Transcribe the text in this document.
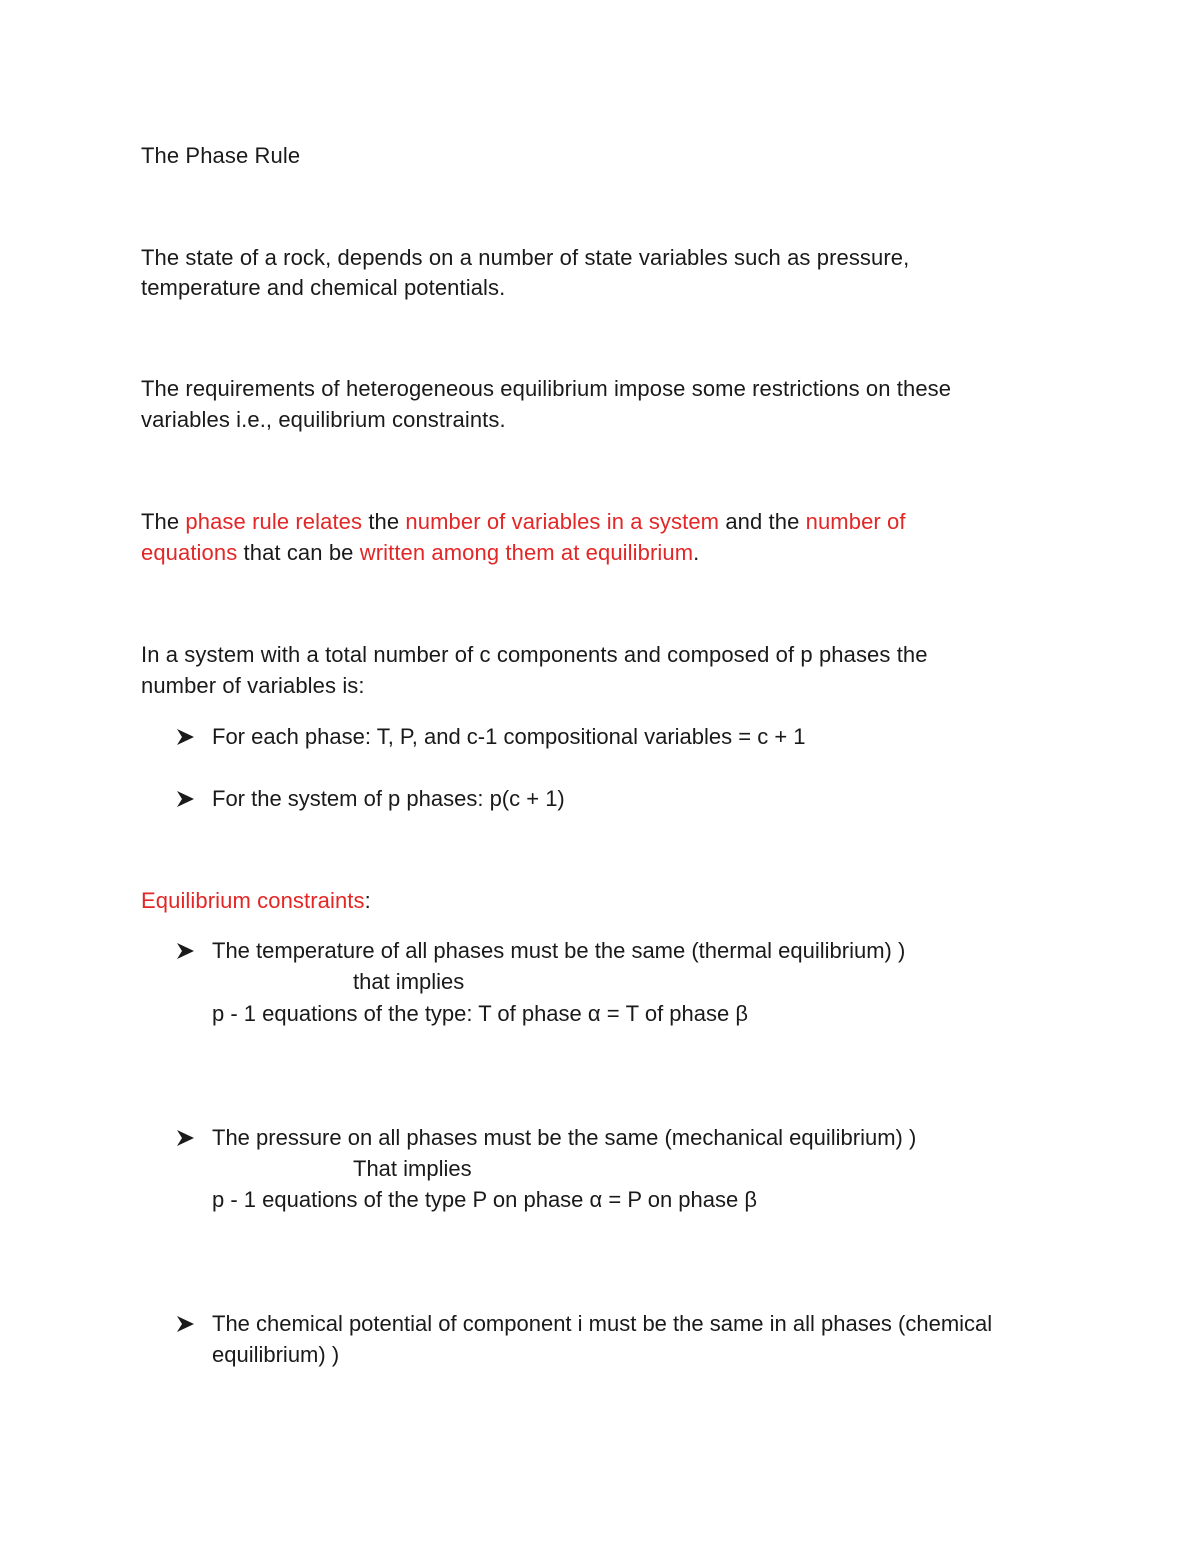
The Phase Rule
The state of a rock, depends on a number of state variables such as pressure,
temperature and chemical potentials.
The requirements of heterogeneous equilibrium impose some restrictions on these
variables i.e., equilibrium constraints.
The phase rule relates the number of variables in a system and the number of
equations that can be written among them at equilibrium.
In a system with a total number of c components and composed of p phases the
number of variables is:
For each phase: T, P, and c-1 compositional variables = c + 1
For the system of p phases: p(c + 1)
Equilibrium constraints:
The temperature of all phases must be the same (thermal equilibrium) )
that implies
p - 1 equations of the type: T of phase α = T of phase β
The pressure on all phases must be the same (mechanical equilibrium) )
That implies
p - 1 equations of the type P on phase α = P on phase β
The chemical potential of component i must be the same in all phases (chemical
equilibrium) )
